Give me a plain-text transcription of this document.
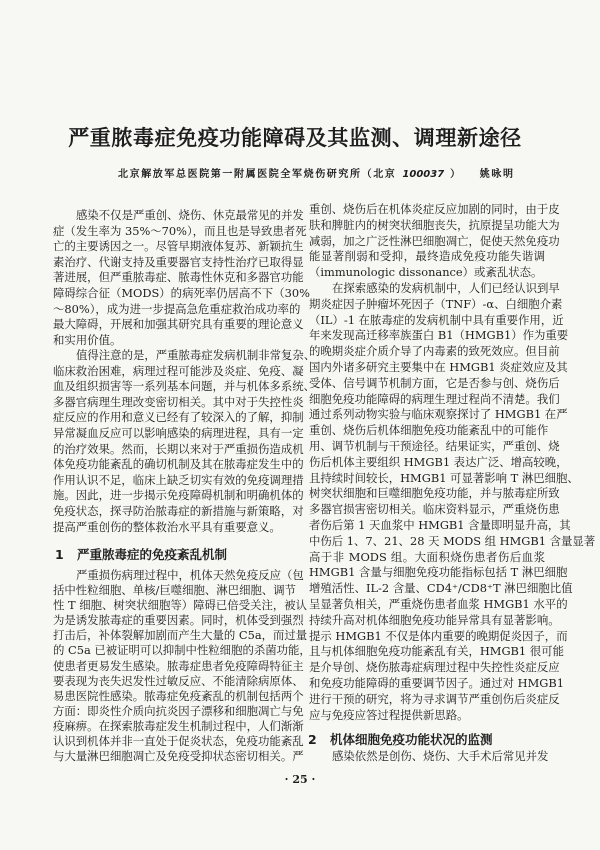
严重脓毒症免疫功能障碍及其监测、调理新途径
北京解放军总医院第一附属医院全军烧伤研究所（北京 100037 ） 姚咏明
感染不仅是严重创、烧伤、休克最常见的并发
症（发生率为 35%～70%），而且也是导致患者死
亡的主要诱因之一。尽管早期液体复苏、新颖抗生
素治疗、代谢支持及重要器官支持性治疗已取得显
著进展，但严重脓毒症、脓毒性休克和多器官功能
障碍综合征（MODS）的病死率仍居高不下（30%
～80%），成为进一步提高急危重症救治成功率的
最大障碍，开展和加强其研究具有重要的理论意义
和实用价值。
值得注意的是，严重脓毒症发病机制非常复杂、
临床救治困难，病理过程可能涉及炎症、免疫、凝
血及组织损害等一系列基本问题，并与机体多系统、
多器官病理生理改变密切相关。其中对于失控性炎
症反应的作用和意义已经有了较深入的了解，抑制
异常凝血反应可以影响感染的病理进程，具有一定
的治疗效果。然而，长期以来对于严重损伤造成机
体免疫功能紊乱的确切机制及其在脓毒症发生中的
作用认识不足，临床上缺乏切实有效的免疫调理措
施。因此，进一步揭示免疫障碍机制和明确机体的
免疫状态，探寻防治脓毒症的新措施与新策略，对
提高严重创伤的整体救治水平具有重要意义。
严重损伤病理过程中，机体天然免疫反应（包
括中性粒细胞、单核/巨噬细胞、淋巴细胞、调节
性 T 细胞、树突状细胞等）障碍已倍受关注，被认
为是诱发脓毒症的重要因素。同时，机体受到强烈
打击后，补体裂解加剧而产生大量的 C5a，而过量
的 C5a 已被证明可以抑制中性粒细胞的杀菌功能，
使患者更易发生感染。脓毒症患者免疫障碍特征主
要表现为丧失迟发性过敏反应、不能清除病原体、
易患医院性感染。脓毒症免疫紊乱的机制包括两个
方面：即炎性介质向抗炎因子漂移和细胞凋亡与免
疫麻痹。在探索脓毒症发生机制过程中，人们渐渐
认识到机体并非一直处于促炎状态，免疫功能紊乱
与大量淋巴细胞凋亡及免疫受抑状态密切相关。严
1 严重脓毒症的免疫紊乱机制
重创、烧伤后在机体炎症反应加剧的同时，由于皮
肤和脾脏内的树突状细胞丧失，抗原提呈功能大为
减弱，加之广泛性淋巴细胞凋亡，促使天然免疫功
能显著削弱和受抑，最终造成免疫功能失谐调
（immunologic dissonance）或紊乱状态。
在探索感染的发病机制中，人们已经认识到早
期炎症因子肿瘤坏死因子（TNF）-α、白细胞介素
（IL）-1 在脓毒症的发病机制中具有重要作用，近
年来发现高迁移率族蛋白 B1（HMGB1）作为重要
的晚期炎症介质介导了内毒素的致死效应。但目前
国内外诸多研究主要集中在 HMGB1 炎症效应及其
受体、信号调节机制方面，它是否参与创、烧伤后
细胞免疫功能障碍的病理生理过程尚不清楚。我们
通过系列动物实验与临床观察探讨了 HMGB1 在严
重创、烧伤后机体细胞免疫功能紊乱中的可能作
用、调节机制与干预途径。结果证实，严重创、烧
伤后机体主要组织 HMGB1 表达广泛、增高较晚，
且持续时间较长，HMGB1 可显著影响 T 淋巴细胞、
树突状细胞和巨噬细胞免疫功能，并与脓毒症所致
多器官损害密切相关。临床资料显示，严重烧伤患
者伤后第 1 天血浆中 HMGB1 含量即明显升高，其
中伤后 1、7、21、28 天 MODS 组 HMGB1 含量显著
高于非 MODS 组。大面积烧伤患者伤后血浆
HMGB1 含量与细胞免疫功能指标包括 T 淋巴细胞
增殖活性、IL-2 含量、CD4⁺/CD8⁺T 淋巴细胞比值
呈显著负相关，严重烧伤患者血浆 HMGB1 水平的
持续升高对机体细胞免疫功能异常具有显著影响。
提示 HMGB1 不仅是体内重要的晚期促炎因子，而
且与机体细胞免疫功能紊乱有关，HMGB1 很可能
是介导创、烧伤脓毒症病理过程中失控性炎症反应
和免疫功能障碍的重要调节因子。通过对 HMGB1
进行干预的研究，将为寻求调节严重创伤后炎症反
应与免疫应答过程提供新思路。
感染依然是创伤、烧伤、大手术后常见并发
2 机体细胞免疫功能状况的监测
· 25 ·
